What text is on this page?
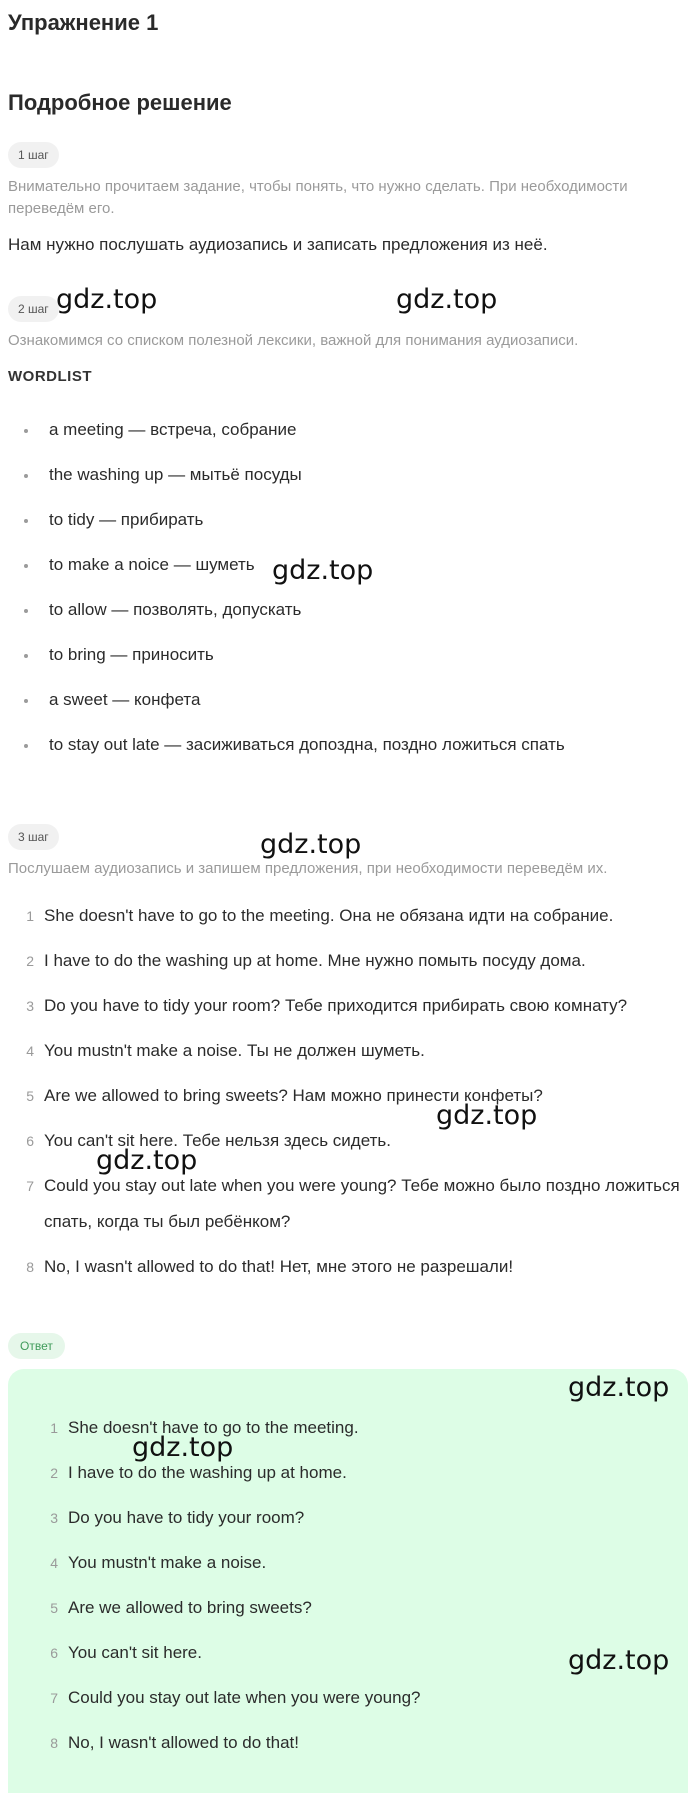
Упражнение 1
Подробное решение
1 шаг

Внимательно прочитаем задание, чтобы понять, что нужно сделать. При необходимости переведём его.

Нам нужно послушать аудиозапись и записать предложения из неё.

2 шаг

Ознакомимся со списком полезной лексики, важной для понимания аудиозаписи.

WORDLIST

a meeting — встреча, собрание
the washing up — мытьё посуды
to tidy — прибирать
to make a noice — шуметь
to allow — позволять, допускать
to bring — приносить
a sweet — конфета
to stay out late — засиживаться допоздна, поздно ложиться спать
3 шаг

Послушаем аудиозапись и запишем предложения, при необходимости переведём их.

1 She doesn't have to go to the meeting. Она не обязана идти на собрание.
2 I have to do the washing up at home. Мне нужно помыть посуду дома.
3 Do you have to tidy your room? Тебе приходится прибирать свою комнату?
4 You mustn't make a noise. Ты не должен шуметь.
5 Are we allowed to bring sweets? Нам можно принести конфеты?
6 You can't sit here. Тебе нельзя здесь сидеть.
7 Could you stay out late when you were young? Тебе можно было поздно ложиться спать, когда ты был ребёнком?
8 No, I wasn't allowed to do that! Нет, мне этого не разрешали!
Ответ
1 She doesn't have to go to the meeting.
2 I have to do the washing up at home.
3 Do you have to tidy your room?
4 You mustn't make a noise.
5 Are we allowed to bring sweets?
6 You can't sit here.
7 Could you stay out late when you were young?
8 No, I wasn't allowed to do that!
gdz.top	gdz.top
gdz.top
gdz.top
gdz.top
gdz.top
gdz.top
gdz.top
gdz.top
